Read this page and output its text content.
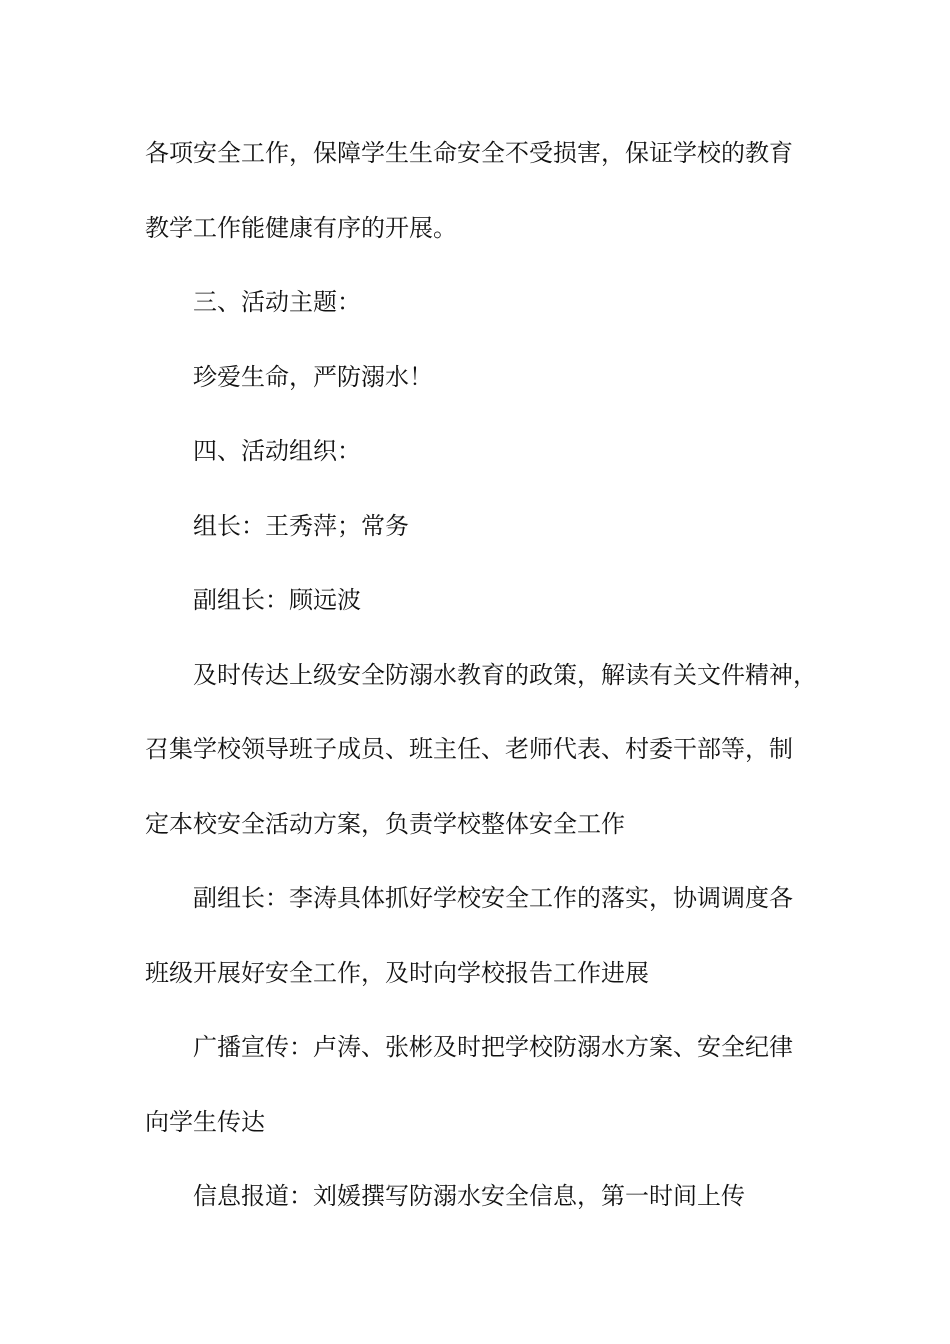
各项安全工作，保障学生生命安全不受损害，保证学校的教育
教学工作能健康有序的开展。
三、活动主题：
珍爱生命，严防溺水！
四、活动组织：
组长：王秀萍；常务
副组长：顾远波
及时传达上级安全防溺水教育的政策，解读有关文件精神，
召集学校领导班子成员、班主任、老师代表、村委干部等，制
定本校安全活动方案，负责学校整体安全工作
副组长：李涛具体抓好学校安全工作的落实，协调调度各
班级开展好安全工作，及时向学校报告工作进展
广播宣传：卢涛、张彬及时把学校防溺水方案、安全纪律
向学生传达
信息报道：刘媛撰写防溺水安全信息，第一时间上传
